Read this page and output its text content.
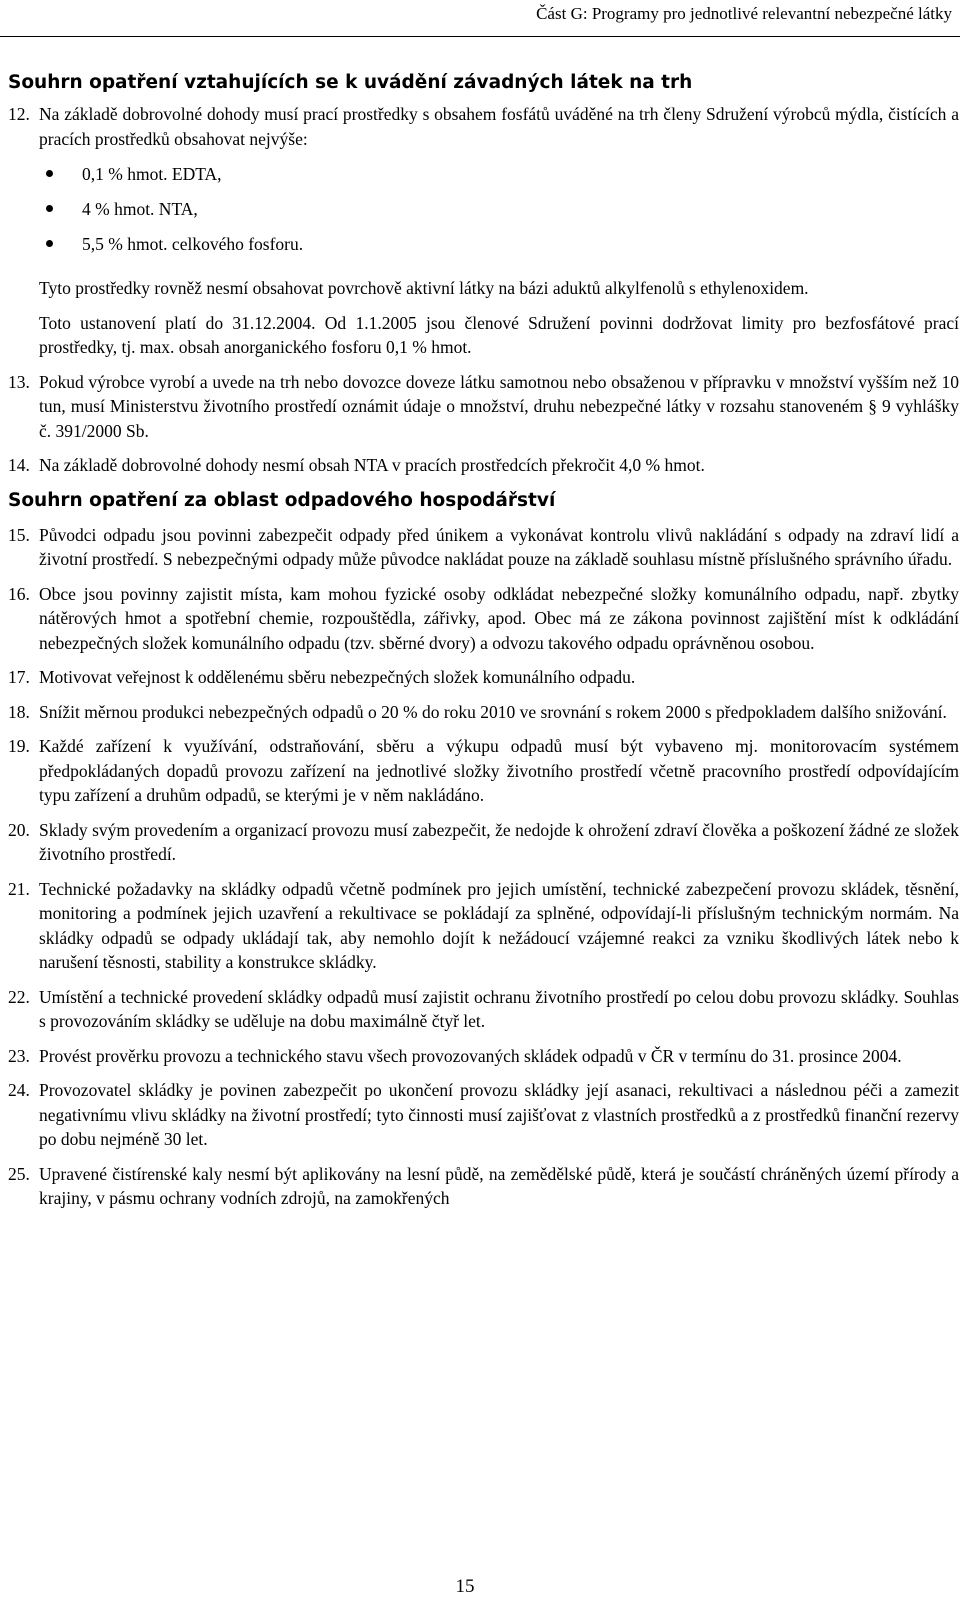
Část G: Programy pro jednotlivé relevantní nebezpečné látky
Souhrn opatření vztahujících se k uvádění závadných látek na trh
12. Na základě dobrovolné dohody musí prací prostředky s obsahem fosfátů uváděné na trh členy Sdružení výrobců mýdla, čistících a pracích prostředků obsahovat nejvýše:
0,1 % hmot. EDTA,
4 % hmot. NTA,
5,5 % hmot. celkového fosforu.

Tyto prostředky rovněž nesmí obsahovat povrchově aktivní látky na bázi aduktů alkylfenolů s ethylenoxidem.

Toto ustanovení platí do 31.12.2004. Od 1.1.2005 jsou členové Sdružení povinni dodržovat limity pro bezfosfátové prací prostředky, tj. max. obsah anorganického fosforu 0,1 % hmot.

13. Pokud výrobce vyrobí a uvede na trh nebo dovozce doveze látku samotnou nebo obsaženou v přípravku v množství vyšším než 10 tun, musí Ministerstvu životního prostředí oznámit údaje o množství, druhu nebezpečné látky v rozsahu stanoveném § 9 vyhlášky č. 391/2000 Sb.
14. Na základě dobrovolné dohody nesmí obsah NTA v pracích prostředcích překročit 4,0 % hmot.
Souhrn opatření za oblast odpadového hospodářství
15. Původci odpadu jsou povinni zabezpečit odpady před únikem a vykonávat kontrolu vlivů nakládání s odpady na zdraví lidí a životní prostředí. S nebezpečnými odpady může původce nakládat pouze na základě souhlasu místně příslušného správního úřadu.
16. Obce jsou povinny zajistit místa, kam mohou fyzické osoby odkládat nebezpečné složky komunálního odpadu, např. zbytky nátěrových hmot a spotřební chemie, rozpouštědla, zářivky, apod. Obec má ze zákona povinnost zajištění míst k odkládání nebezpečných složek komunálního odpadu (tzv. sběrné dvory) a odvozu takového odpadu oprávněnou osobou.
17. Motivovat veřejnost k oddělenému sběru nebezpečných složek komunálního odpadu.
18. Snížit měrnou produkci nebezpečných odpadů o 20 % do roku 2010 ve srovnání s rokem 2000 s předpokladem dalšího snižování.
19. Každé zařízení k využívání, odstraňování, sběru a výkupu odpadů musí být vybaveno mj. monitorovacím systémem předpokládaných dopadů provozu zařízení na jednotlivé složky životního prostředí včetně pracovního prostředí odpovídajícím typu zařízení a druhům odpadů, se kterými je v něm nakládáno.
20. Sklady svým provedením a organizací provozu musí zabezpečit, že nedojde k ohrožení zdraví člověka a poškození žádné ze složek životního prostředí.
21. Technické požadavky na skládky odpadů včetně podmínek pro jejich umístění, technické zabezpečení provozu skládek, těsnění, monitoring a podmínek jejich uzavření a rekultivace se pokládají za splněné, odpovídají-li příslušným technickým normám. Na skládky odpadů se odpady ukládají tak, aby nemohlo dojít k nežádoucí vzájemné reakci za vzniku škodlivých látek nebo k narušení těsnosti, stability a konstrukce skládky.
22. Umístění a technické provedení skládky odpadů musí zajistit ochranu životního prostředí po celou dobu provozu skládky. Souhlas s provozováním skládky se uděluje na dobu maximálně čtyř let.
23. Provést prověrku provozu a technického stavu všech provozovaných skládek odpadů v ČR v termínu do 31. prosince 2004.
24. Provozovatel skládky je povinen zabezpečit po ukončení provozu skládky její asanaci, rekultivaci a následnou péči a zamezit negativnímu vlivu skládky na životní prostředí; tyto činnosti musí zajišťovat z vlastních prostředků a z prostředků finanční rezervy po dobu nejméně 30 let.
25. Upravené čistírenské kaly nesmí být aplikovány na lesní půdě, na zemědělské půdě, která je součástí chráněných území přírody a krajiny, v pásmu ochrany vodních zdrojů, na zamokřených
15
